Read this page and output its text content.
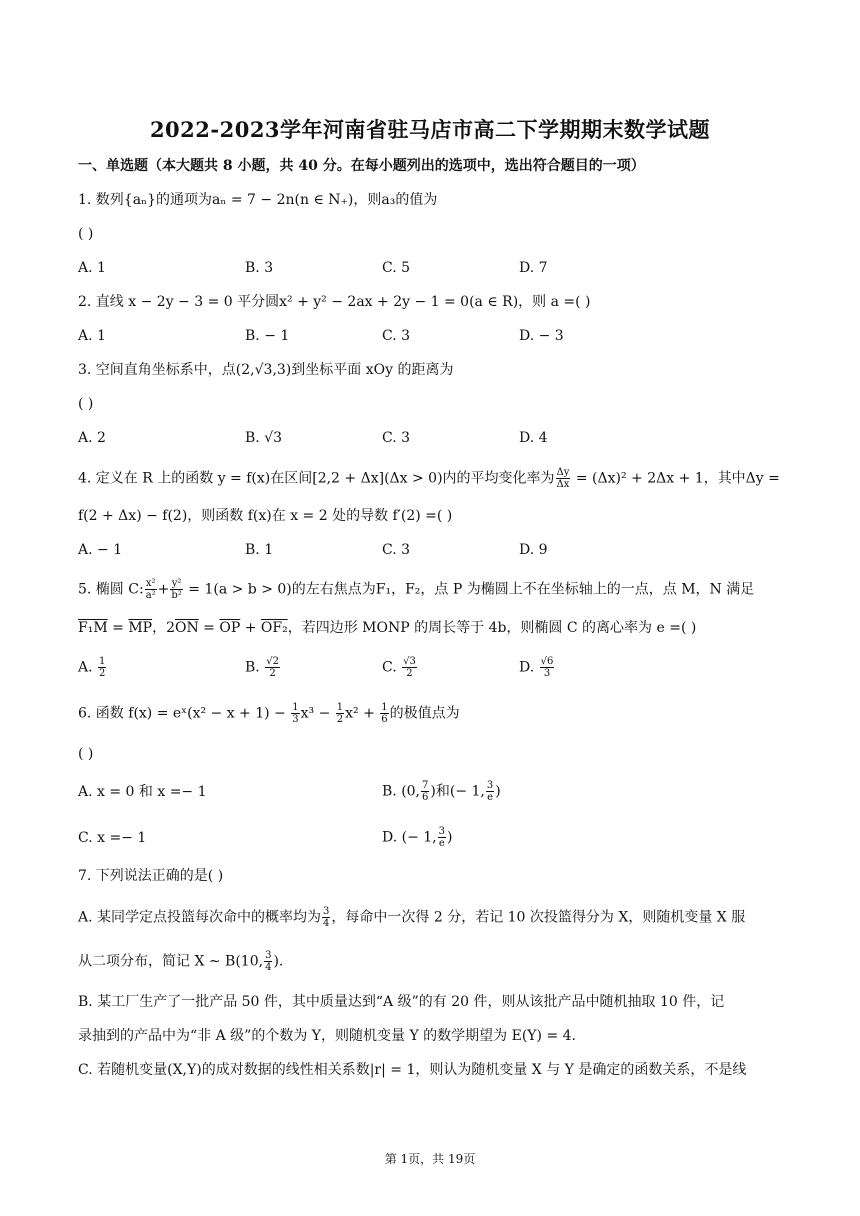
2022-2023学年河南省驻马店市高二下学期期末数学试题
一、单选题（本大题共 8 小题，共 40 分。在每小题列出的选项中，选出符合题目的一项）
1. 数列{aₙ}的通项为aₙ = 7 − 2n(n ∈ N₊)，则a₃的值为
( )
A. 1	B. 3	C. 5	D. 7
2. 直线 x − 2y − 3 = 0 平分圆x² + y² − 2ax + 2y − 1 = 0(a ∈ R)，则 a =( )
A. 1	B. − 1	C. 3	D. − 3
3. 空间直角坐标系中，点(2,√3,3)到坐标平面 xOy 的距离为
( )
A. 2	B. √3	C. 3	D. 4
4. 定义在 R 上的函数 y = f(x)在区间[2,2 + Δx](Δx > 0)内的平均变化率为 $\frac{\Delta y}{\Delta x} = (\Delta x)^2 + 2\Delta x + 1$，其中Δy =
f(2 + Δx) − f(2)，则函数 f(x)在 x = 2 处的导数 f′(2) =( )
A. − 1	B. 1	C. 3	D. 9
5. 椭圆 C: $\frac{\text{x²}}{\text{a²}} + \frac{\text{y²}}{\text{b²}} = 1(a > b > 0)$的左右焦点为F₁，F₂，点 P 为椭圆上不在坐标轴上的一点，点 M，N 满足
$F_1M = \overline{MP}$，$2\overline{ON} = \overline{OP} + OF_2$，若四边形 MONP 的周长等于 4b，则椭圆 C 的离心率为 e =( )
A. $\frac{1}{2}$	B. $\frac{√2}{2}$	C. $\frac{√3}{2}$	D. $\frac{√6}{3}$
6. 函数 f(x) = eˣ(x² − $x + 1) - \frac{1}{3} x^3 - \frac{1}{2} x^2 + \frac{1}{6}$ 的极值点为
( )
A. x = 0 和 x =− 1	B. (0, $\frac{7}{6}$ )和(− 1, $\frac{3}{e}$ )
C. x =− 1	D. (− 1, $\frac{3}{e}$ )
7. 下列说法正确的是( )
A. 某同学定点投篮每次命中的概率均为 $\frac{3}{4}$ ，每命中一次得 2 分，若记 10 次投篮得分为 X，则随机变量 X 服
从二项分布，简记 X ∼ B(10, $\frac{3}{4}$ ).
B. 某工厂生产了一批产品 50 件，其中质量达到“A 级”的有 20 件，则从该批产品中随机抽取 10 件，记
录抽到的产品中为“非 A 级”的个数为 Y，则随机变量 Y 的数学期望为 E(Y) = 4.
C. 若随机变量(X,Y)的成对数据的线性相关系数|r| = 1，则认为随机变量 X 与 Y 是确定的函数关系，不是线
第 1页，共 19页
